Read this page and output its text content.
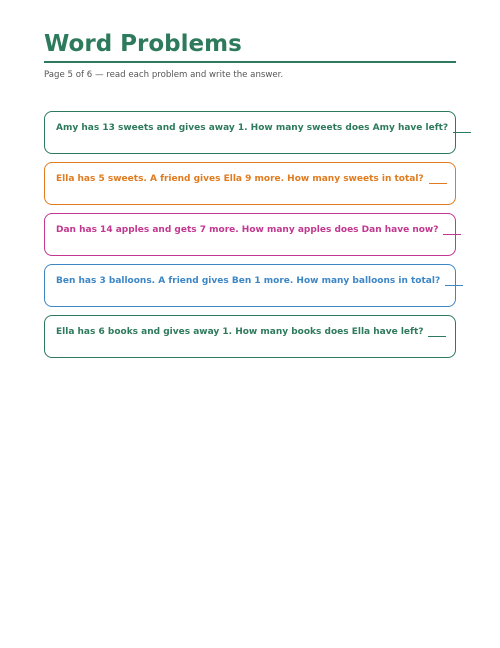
Word Problems
Page 5 of 6 — read each problem and write the answer.
Amy has 13 sweets and gives away 1. How many sweets does Amy have left?
Ella has 5 sweets. A friend gives Ella 9 more. How many sweets in total?
Dan has 14 apples and gets 7 more. How many apples does Dan have now?
Ben has 3 balloons. A friend gives Ben 1 more. How many balloons in total?
Ella has 6 books and gives away 1. How many books does Ella have left?
